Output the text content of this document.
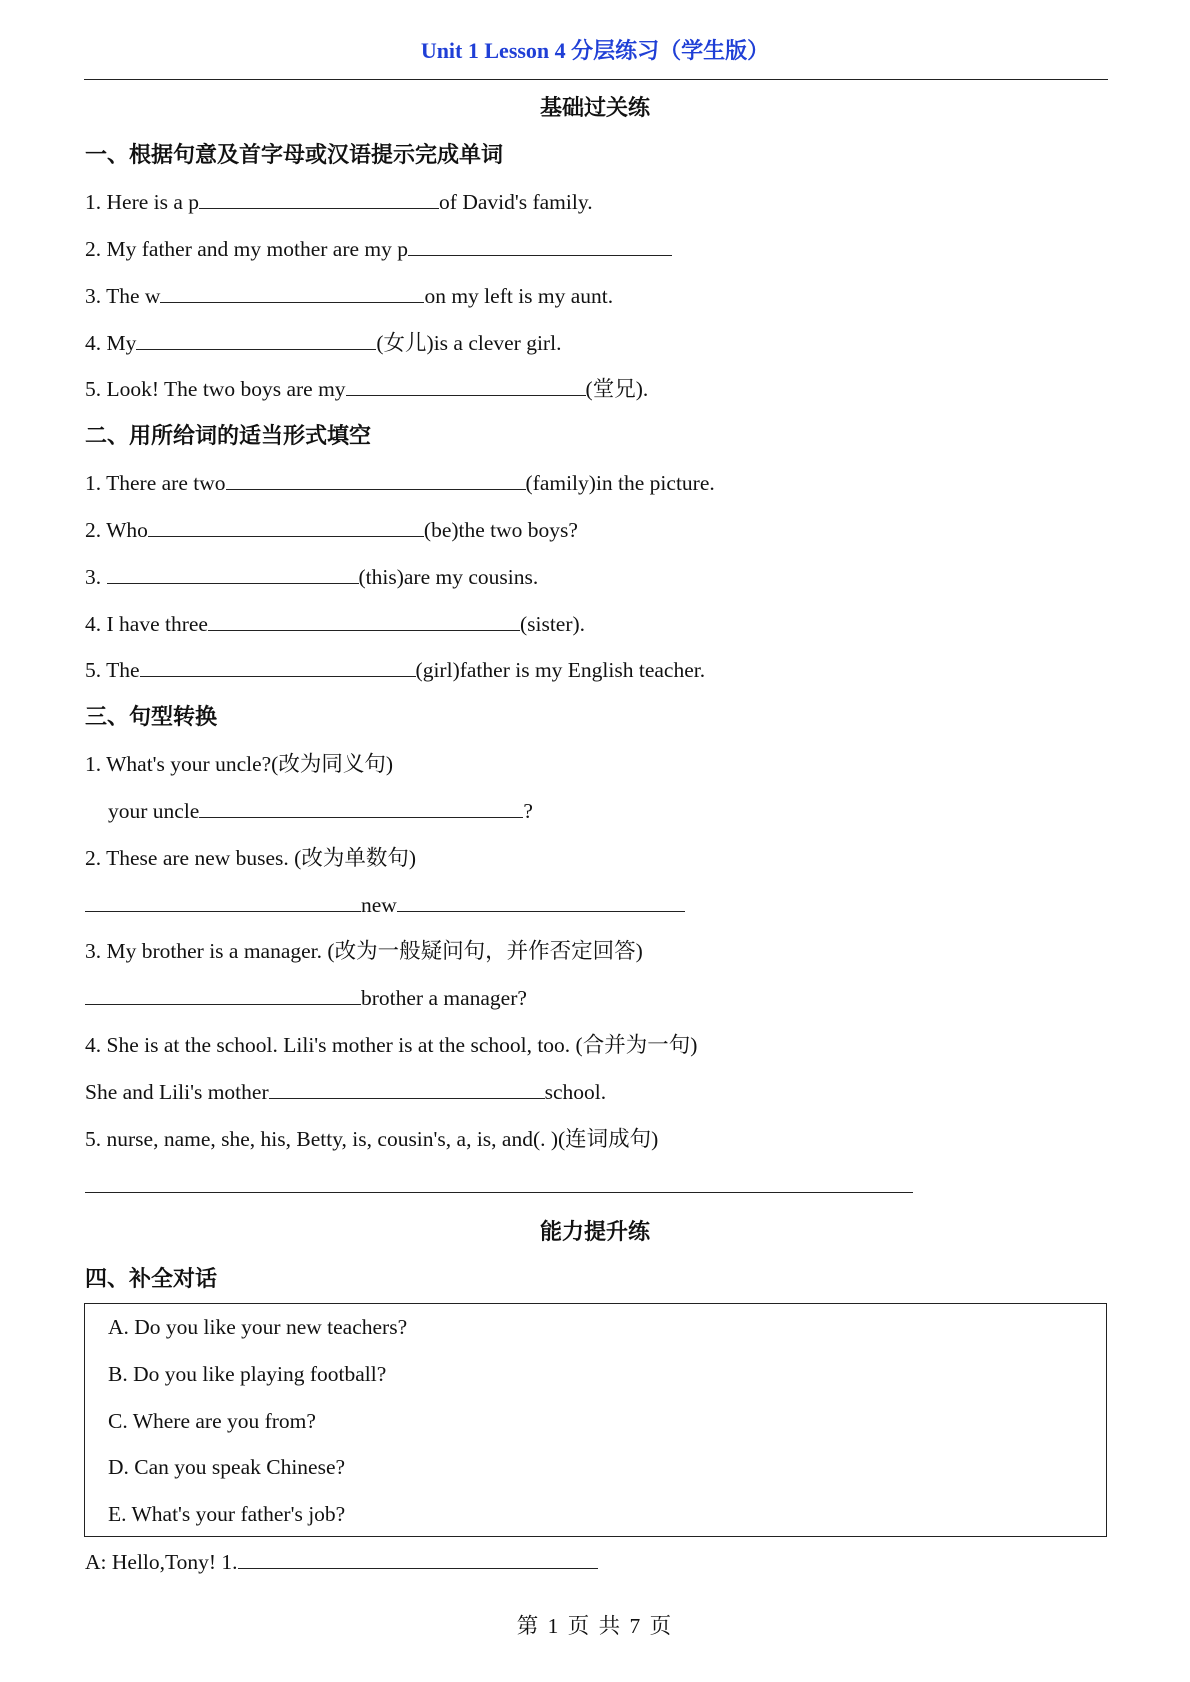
Unit 1 Lesson 4 分层练习（学生版）

基础过关练

一、根据句意及首字母或汉语提示完成单词

1. Here is a p	of David's family.

2. My father and my mother are my p

3. The w	on my left is my aunt.

4. My	(女儿)is a clever girl.

5. Look! The two boys are my	(堂兄).

二、用所给词的适当形式填空

1. There are two	(family)in the picture.

2. Who	(be)the two boys?

3.	(this)are my cousins.

4. I have three	(sister).

5. The	(girl)father is my English teacher.

三、句型转换

1. What's your uncle?(改为同义句)

your uncle	?

2. These are new buses. (改为单数句)

new

3. My brother is a manager. (改为一般疑问句，并作否定回答)

brother a manager?

4. She is at the school. Lili's mother is at the school, too. (合并为一句)

She and Lili's mother	school.

5. nurse, name, she, his, Betty, is, cousin's, a, is, and(. )(连词成句)

能力提升练

四、补全对话

A. Do you like your new teachers?
B. Do you like playing football?
C. Where are you from?
D. Can you speak Chinese?
E. What's your father's job?

A: Hello,Tony! 1.

第 1 页 共 7 页
